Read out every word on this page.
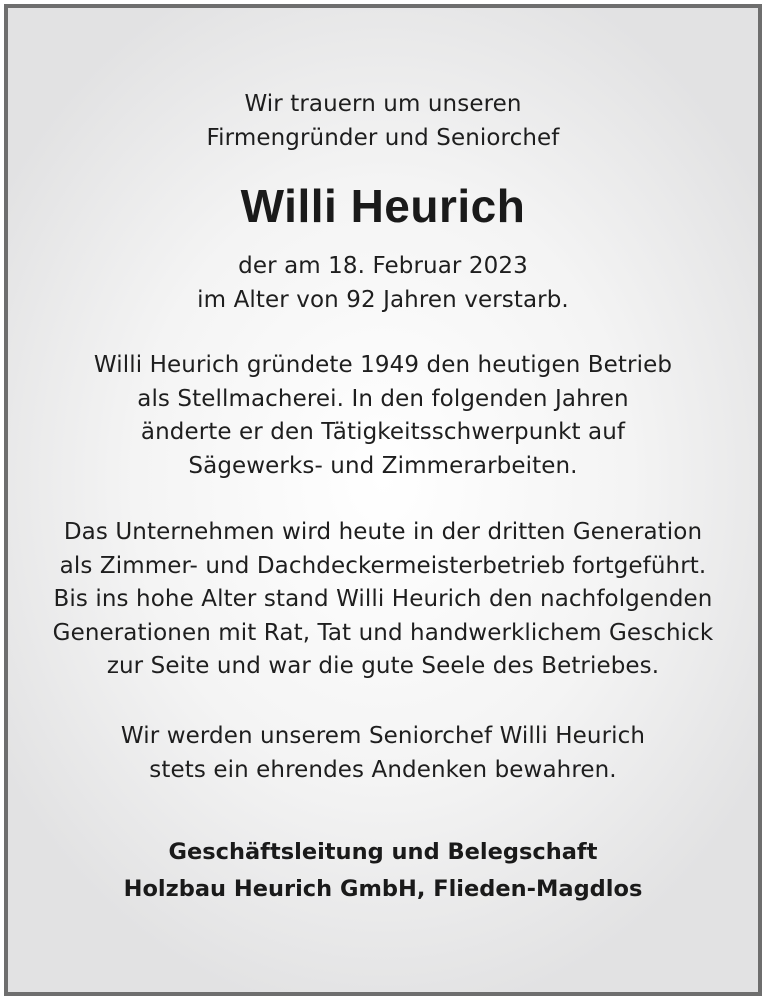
Wir trauern um unseren
Firmengründer und Seniorchef
Willi Heurich
der am 18. Februar 2023
im Alter von 92 Jahren verstarb.
Willi Heurich gründete 1949 den heutigen Betrieb
als Stellmacherei. In den folgenden Jahren
änderte er den Tätigkeitsschwerpunkt auf
Sägewerks- und Zimmerarbeiten.
Das Unternehmen wird heute in der dritten Generation
als Zimmer- und Dachdeckermeisterbetrieb fortgeführt.
Bis ins hohe Alter stand Willi Heurich den nachfolgenden
Generationen mit Rat, Tat und handwerklichem Geschick
zur Seite und war die gute Seele des Betriebes.
Wir werden unserem Seniorchef Willi Heurich
stets ein ehrendes Andenken bewahren.
Geschäftsleitung und Belegschaft
Holzbau Heurich GmbH, Flieden-Magdlos
